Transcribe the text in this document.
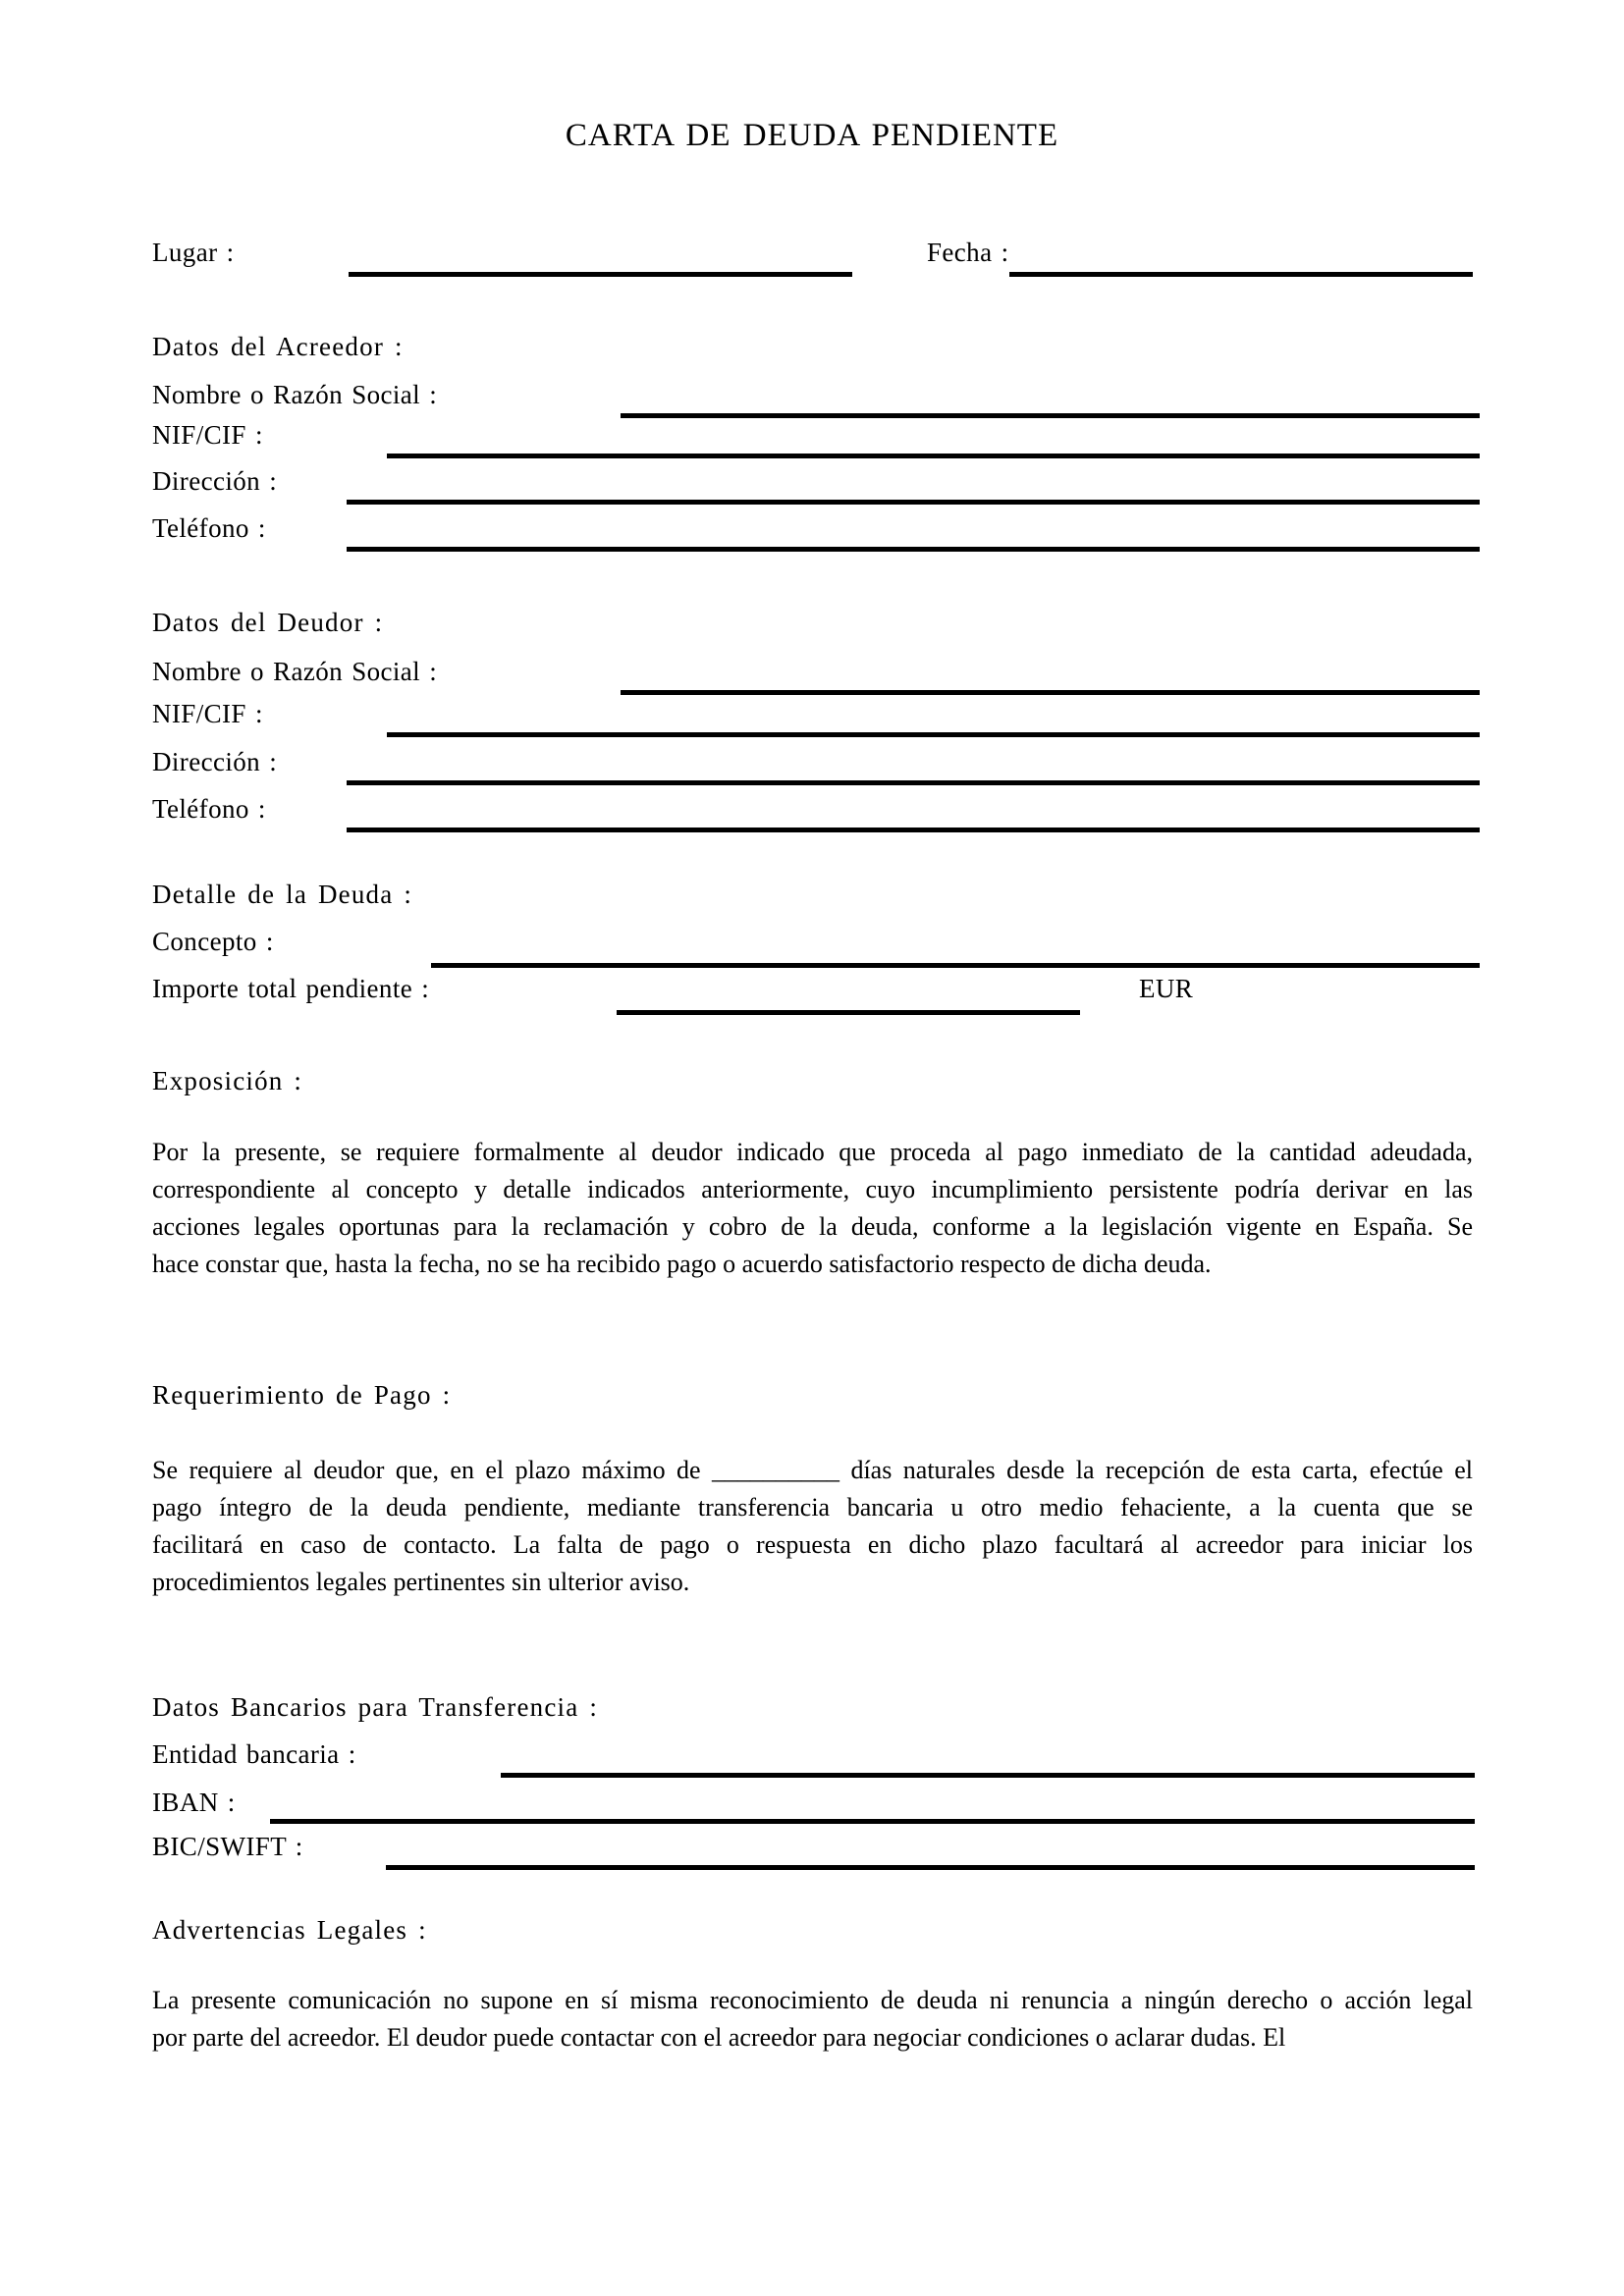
CARTA DE DEUDA PENDIENTE
Lugar :	Fecha :
Datos del Acreedor :
Nombre o Razón Social :
NIF/CIF :
Dirección :
Teléfono :
Datos del Deudor :
Nombre o Razón Social :
NIF/CIF :
Dirección :
Teléfono :
Detalle de la Deuda :
Concepto :
Importe total pendiente :	EUR
Exposición :
Por la presente, se requiere formalmente al deudor indicado que proceda al pago inmediato de la cantidad adeudada,
correspondiente al concepto y detalle indicados anteriormente, cuyo incumplimiento persistente podría derivar en las
acciones legales oportunas para la reclamación y cobro de la deuda, conforme a la legislación vigente en España. Se
hace constar que, hasta la fecha, no se ha recibido pago o acuerdo satisfactorio respecto de dicha deuda.
Requerimiento de Pago :
Se requiere al deudor que, en el plazo máximo de __________ días naturales desde la recepción de esta carta, efectúe el
pago íntegro de la deuda pendiente, mediante transferencia bancaria u otro medio fehaciente, a la cuenta que se
facilitará en caso de contacto. La falta de pago o respuesta en dicho plazo facultará al acreedor para iniciar los
procedimientos legales pertinentes sin ulterior aviso.
Datos Bancarios para Transferencia :
Entidad bancaria :
IBAN :
BIC/SWIFT :
Advertencias Legales :
La presente comunicación no supone en sí misma reconocimiento de deuda ni renuncia a ningún derecho o acción legal
por parte del acreedor. El deudor puede contactar con el acreedor para negociar condiciones o aclarar dudas. El
